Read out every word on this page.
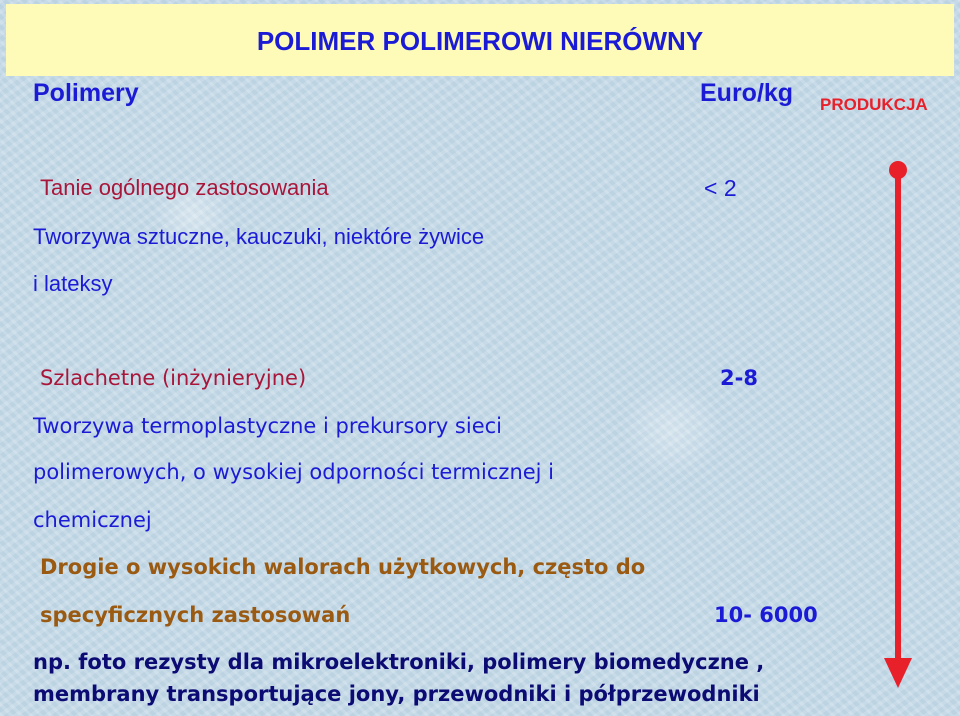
POLIMER POLIMEROWI NIERÓWNY
Polimery	Euro/kg PRODUKCJA
Tanie ogólnego zastosowania	< 2
Tworzywa sztuczne, kauczuki, niektóre żywice
i lateksy
Szlachetne (inżynieryjne)	2-8
Tworzywa termoplastyczne i prekursory sieci
polimerowych, o wysokiej odporności termicznej i
chemicznej
Drogie o wysokich walorach użytkowych, często do
specyficznych zastosowań	10- 6000
np. foto rezysty dla mikroelektroniki, polimery biomedyczne ,
membrany transportujące jony, przewodniki i półprzewodniki
